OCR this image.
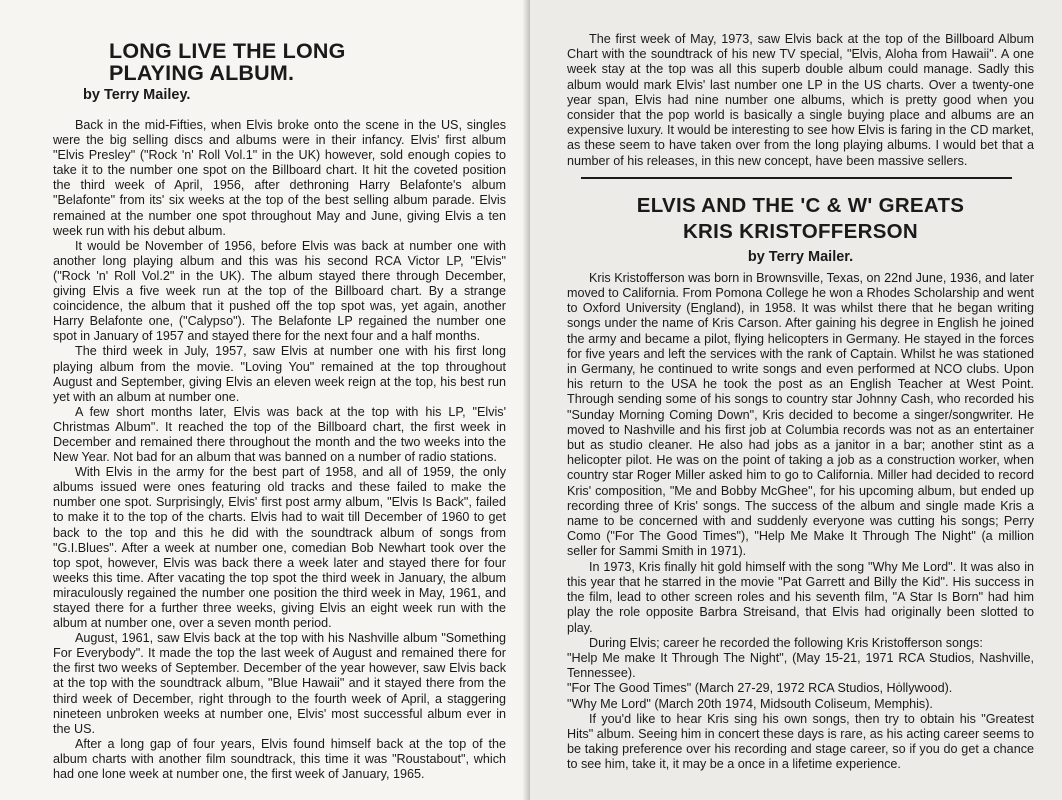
LONG LIVE THE LONG
PLAYING ALBUM.
by Terry Mailey.

Back in the mid-Fifties, when Elvis broke onto the scene in the US, singles were the big selling discs and albums were in their infancy. Elvis' first album "Elvis Presley" ("Rock 'n' Roll Vol.1" in the UK) however, sold enough copies to take it to the number one spot on the Billboard chart. It hit the coveted position the third week of April, 1956, after dethroning Harry Belafonte's album "Belafonte" from its' six weeks at the top of the best selling album parade. Elvis remained at the number one spot throughout May and June, giving Elvis a ten week run with his debut album.

It would be November of 1956, before Elvis was back at number one with another long playing album and this was his second RCA Victor LP, "Elvis" ("Rock 'n' Roll Vol.2" in the UK). The album stayed there through December, giving Elvis a five week run at the top of the Billboard chart. By a strange coincidence, the album that it pushed off the top spot was, yet again, another Harry Belafonte one, ("Calypso"). The Belafonte LP regained the number one spot in January of 1957 and stayed there for the next four and a half months.

The third week in July, 1957, saw Elvis at number one with his first long playing album from the movie. "Loving You" remained at the top throughout August and September, giving Elvis an eleven week reign at the top, his best run yet with an album at number one.

A few short months later, Elvis was back at the top with his LP, "Elvis' Christmas Album". It reached the top of the Billboard chart, the first week in December and remained there throughout the month and the two weeks into the New Year. Not bad for an album that was banned on a number of radio stations.

With Elvis in the army for the best part of 1958, and all of 1959, the only albums issued were ones featuring old tracks and these failed to make the number one spot. Surprisingly, Elvis' first post army album, "Elvis Is Back", failed to make it to the top of the charts. Elvis had to wait till December of 1960 to get back to the top and this he did with the soundtrack album of songs from "G.I.Blues". After a week at number one, comedian Bob Newhart took over the top spot, however, Elvis was back there a week later and stayed there for four weeks this time. After vacating the top spot the third week in January, the album miraculously regained the number one position the third week in May, 1961, and stayed there for a further three weeks, giving Elvis an eight week run with the album at number one, over a seven month period.

August, 1961, saw Elvis back at the top with his Nashville album "Something For Everybody". It made the top the last week of August and remained there for the first two weeks of September. December of the year however, saw Elvis back at the top with the soundtrack album, "Blue Hawaii" and it stayed there from the third week of December, right through to the fourth week of April, a staggering nineteen unbroken weeks at number one, Elvis' most successful album ever in the US.

After a long gap of four years, Elvis found himself back at the top of the album charts with another film soundtrack, this time it was "Roustabout", which had one lone week at number one, the first week of January, 1965.

The first week of May, 1973, saw Elvis back at the top of the Billboard Album Chart with the soundtrack of his new TV special, "Elvis, Aloha from Hawaii". A one week stay at the top was all this superb double album could manage. Sadly this album would mark Elvis' last number one LP in the US charts. Over a twenty-one year span, Elvis had nine number one albums, which is pretty good when you consider that the pop world is basically a single buying place and albums are an expensive luxury. It would be interesting to see how Elvis is faring in the CD market, as these seem to have taken over from the long playing albums. I would bet that a number of his releases, in this new concept, have been massive sellers.

ELVIS AND THE 'C & W' GREATS
KRIS KRISTOFFERSON
by Terry Mailer.

Kris Kristofferson was born in Brownsville, Texas, on 22nd June, 1936, and later moved to California. From Pomona College he won a Rhodes Scholarship and went to Oxford University (England), in 1958. It was whilst there that he began writing songs under the name of Kris Carson. After gaining his degree in English he joined the army and became a pilot, flying helicopters in Germany. He stayed in the forces for five years and left the services with the rank of Captain. Whilst he was stationed in Germany, he continued to write songs and even performed at NCO clubs. Upon his return to the USA he took the post as an English Teacher at West Point. Through sending some of his songs to country star Johnny Cash, who recorded his "Sunday Morning Coming Down", Kris decided to become a singer/songwriter. He moved to Nashville and his first job at Columbia records was not as an entertainer but as studio cleaner. He also had jobs as a janitor in a bar; another stint as a helicopter pilot. He was on the point of taking a job as a construction worker, when country star Roger Miller asked him to go to California. Miller had decided to record Kris' composition, "Me and Bobby McGhee", for his upcoming album, but ended up recording three of Kris' songs. The success of the album and single made Kris a name to be concerned with and suddenly everyone was cutting his songs; Perry Como ("For The Good Times"), "Help Me Make It Through The Night" (a million seller for Sammi Smith in 1971).

In 1973, Kris finally hit gold himself with the song "Why Me Lord". It was also in this year that he starred in the movie "Pat Garrett and Billy the Kid". His success in the film, lead to other screen roles and his seventh film, "A Star Is Born" had him play the role opposite Barbra Streisand, that Elvis had originally been slotted to play.

During Elvis; career he recorded the following Kris Kristofferson songs:

"Help Me make It Through The Night", (May 15-21, 1971 RCA Studios, Nashville, Tennessee).

"For The Good Times" (March 27-29, 1972 RCA Studios, Hȯllywood).

"Why Me Lord" (March 20th 1974, Midsouth Coliseum, Memphis).

If you'd like to hear Kris sing his own songs, then try to obtain his "Greatest Hits" album. Seeing him in concert these days is rare, as his acting career seems to be taking preference over his recording and stage career, so if you do get a chance to see him, take it, it may be a once in a lifetime experience.
